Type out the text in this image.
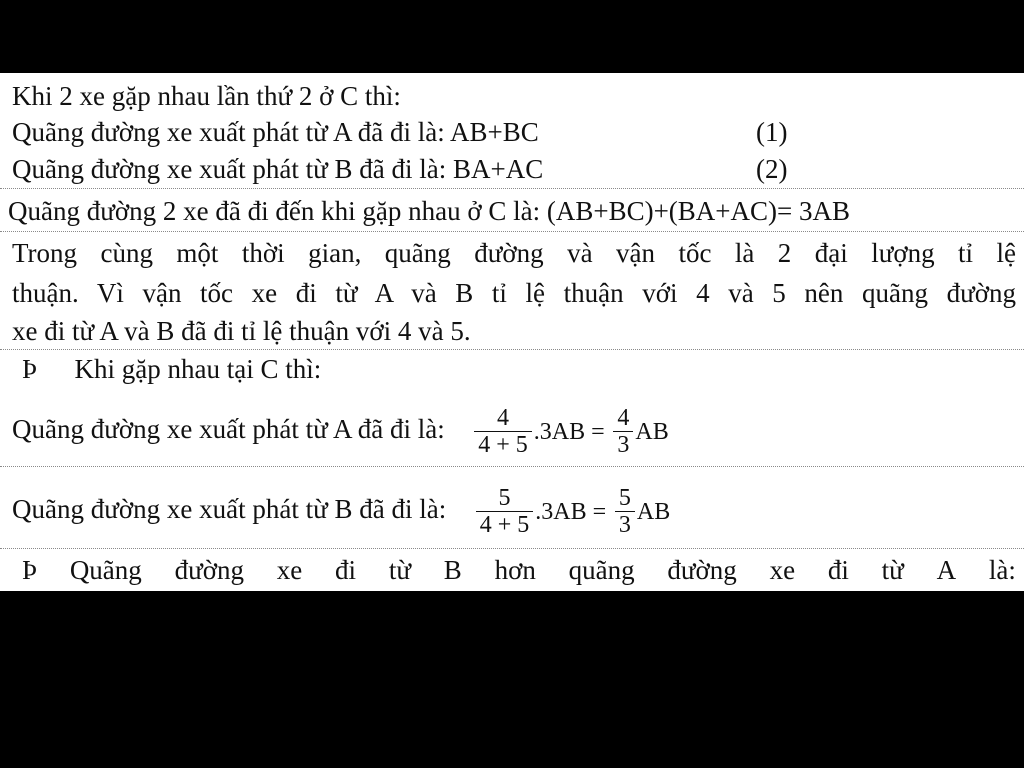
Khi 2 xe gặp nhau lần thứ 2 ở C thì:
Quãng đường xe xuất phát từ A đã đi là: AB+BC	(1)
Quãng đường xe xuất phát từ B đã đi là: BA+AC	(2)
Quãng đường 2 xe đã đi đến khi gặp nhau ở C là: (AB+BC)+(BA+AC)= 3AB
Trong cùng một thời gian, quãng đường và vận tốc là 2 đại lượng tỉ lệ
thuận. Vì vận tốc xe đi từ A và B tỉ lệ thuận với 4 và 5 nên quãng đường
xe đi từ A và B đã đi tỉ lệ thuận với 4 và 5.
Þ Khi gặp nhau tại C thì:
Quãng đường xe xuất phát từ A đã đi là: $\frac{4}{4 + 5} .3AB = \frac{4}{3}$ AB
Quãng đường xe xuất phát từ B đã đi là: $\frac{5}{4 + 5} .3AB = \frac{5}{3}$ AB
Þ Quãng đường xe đi từ B hơn quãng đường xe đi từ A là:
